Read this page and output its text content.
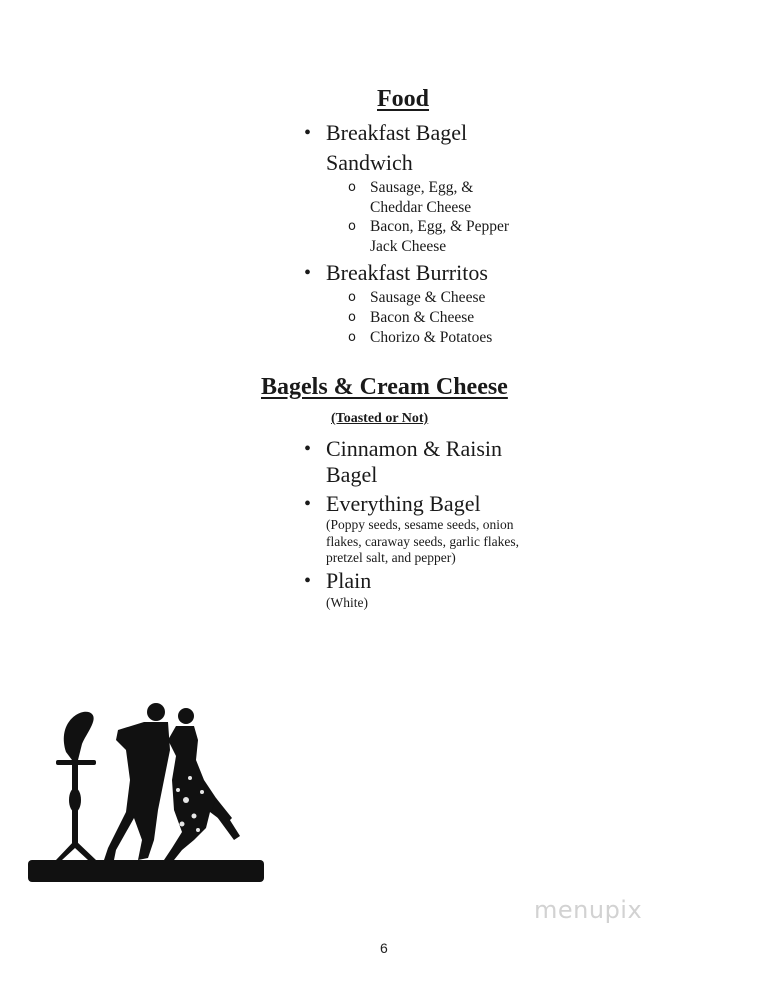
Food
• Breakfast Bagel
Sandwich
o Sausage, Egg, &
Cheddar Cheese
o Bacon, Egg, & Pepper
Jack Cheese
• Breakfast Burritos
o Sausage & Cheese
o Bacon & Cheese
o Chorizo & Potatoes
Bagels & Cream Cheese
(Toasted or Not)
• Cinnamon & Raisin
Bagel
• Everything Bagel
(Poppy seeds, sesame seeds, onion
flakes, caraway seeds, garlic flakes,
pretzel salt, and pepper)
• Plain
(White)
menupix
6
